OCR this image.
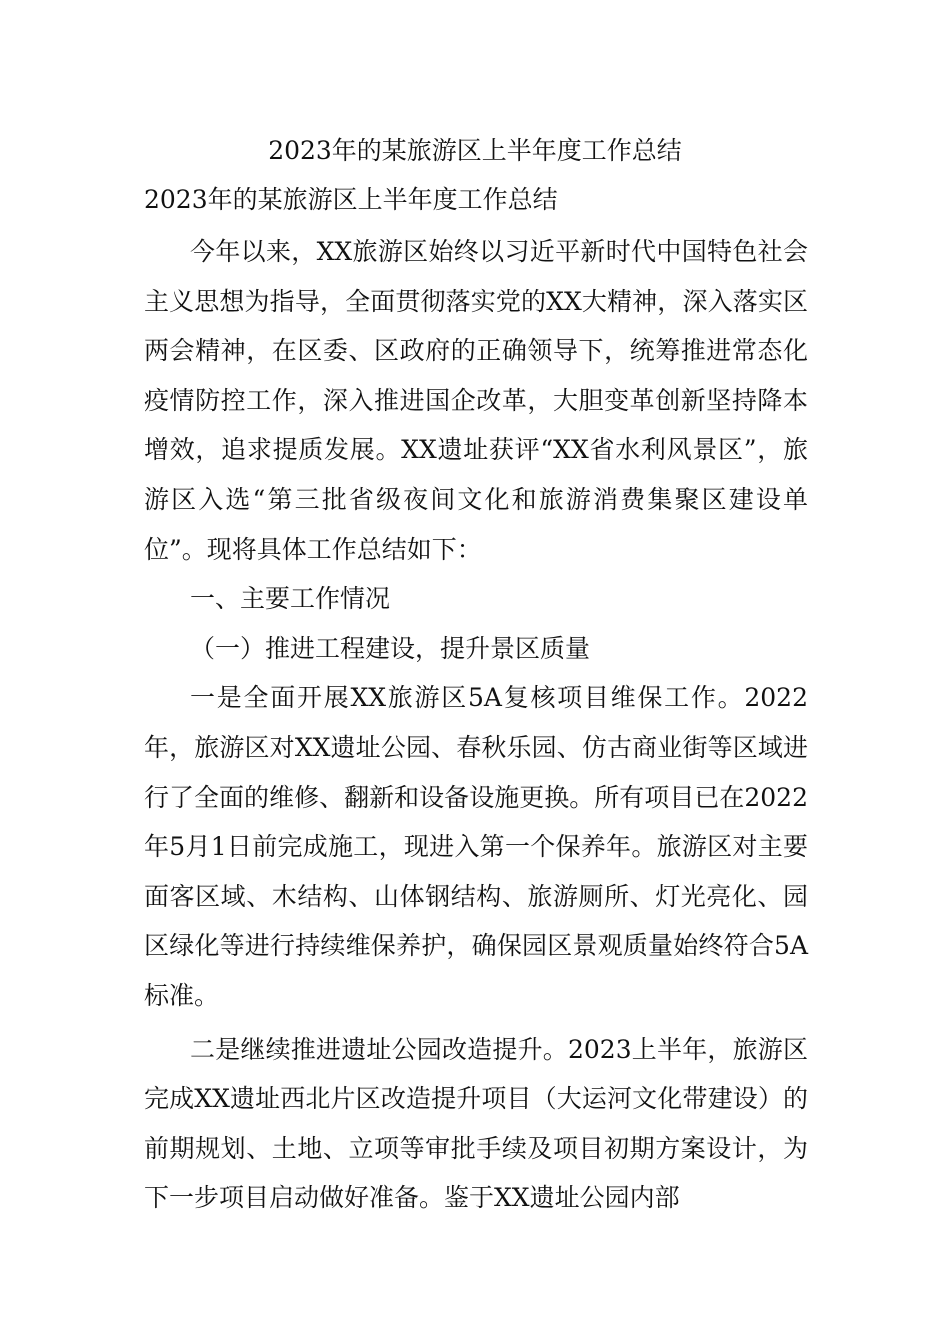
2023年的某旅游区上半年度工作总结
2023年的某旅游区上半年度工作总结

今年以来，XX旅游区始终以习近平新时代中国特色社会主义思想为指导，全面贯彻落实党的XX大精神，深入落实区两会精神，在区委、区政府的正确领导下，统筹推进常态化疫情防控工作，深入推进国企改革，大胆变革创新坚持降本增效，追求提质发展。XX遗址获评“XX省水利风景区”，旅游区入选“第三批省级夜间文化和旅游消费集聚区建设单位”。现将具体工作总结如下：

一、主要工作情况

（一）推进工程建设，提升景区质量

一是全面开展XX旅游区5A复核项目维保工作。2022年，旅游区对XX遗址公园、春秋乐园、仿古商业街等区域进行了全面的维修、翻新和设备设施更换。所有项目已在2022年5月1日前完成施工，现进入第一个保养年。旅游区对主要面客区域、木结构、山体钢结构、旅游厕所、灯光亮化、园区绿化等进行持续维保养护，确保园区景观质量始终符合5A标准。

二是继续推进遗址公园改造提升。2023上半年，旅游区完成XX遗址西北片区改造提升项目（大运河文化带建设）的前期规划、土地、立项等审批手续及项目初期方案设计，为下一步项目启动做好准备。鉴于XX遗址公园内部
